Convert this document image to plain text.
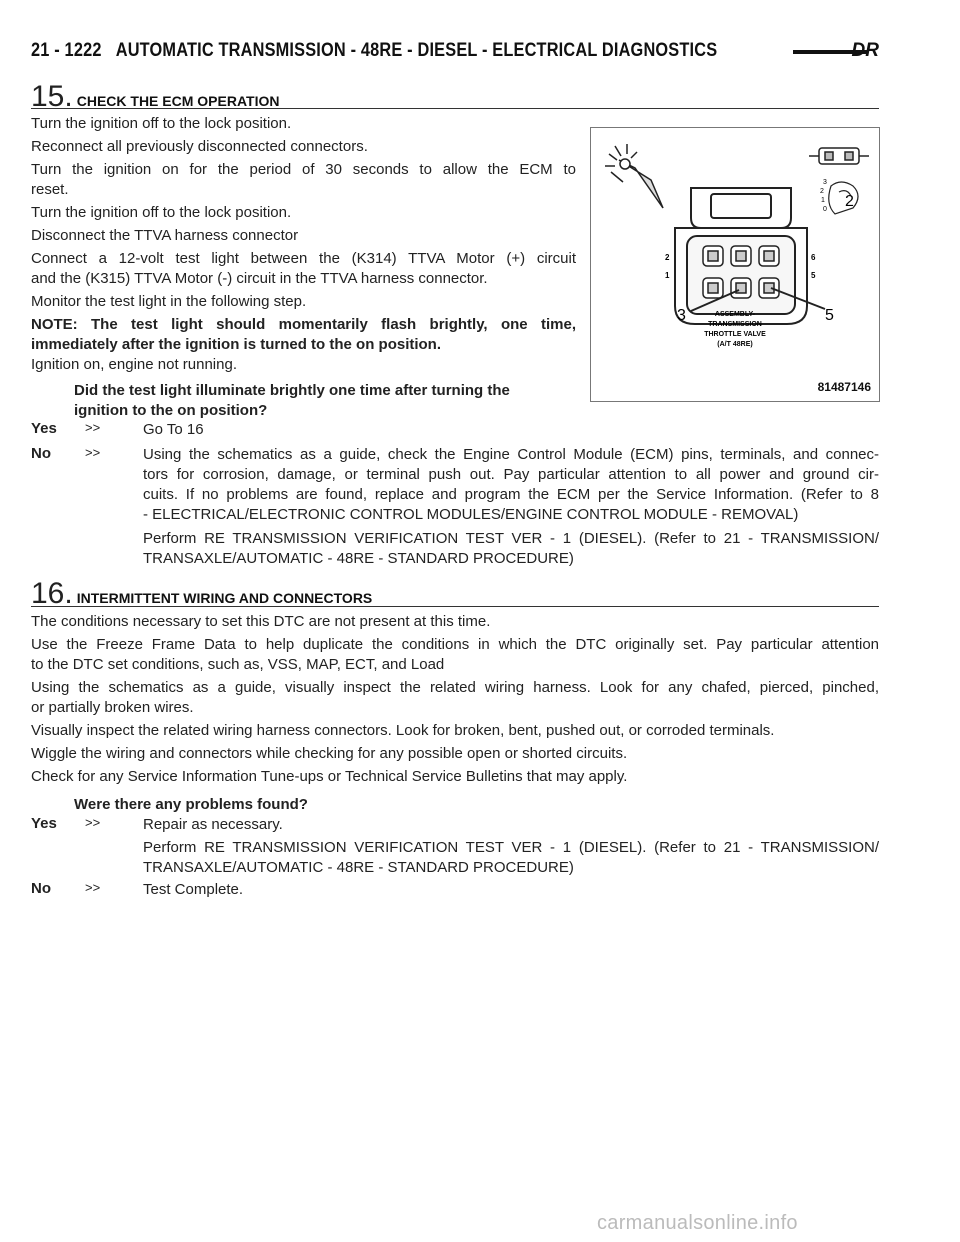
21 - 1222 AUTOMATIC TRANSMISSION - 48RE - DIESEL - ELECTRICAL DIAGNOSTICS	DR
15. CHECK THE ECM OPERATION

Turn the ignition off to the lock position.

Reconnect all previously disconnected connectors.

Turn the ignition on for the period of 30 seconds to allow the ECM to

reset.

Turn the ignition off to the lock position.

Disconnect the TTVA harness connector

Connect a 12-volt test light between the (K314) TTVA Motor (+) circuit

and the (K315) TTVA Motor (-) circuit in the TTVA harness connector.

Monitor the test light in the following step.

NOTE: The test light should momentarily flash brightly, one time,

immediately after the ignition is turned to the on position.

Ignition on, engine not running.

Did the test light illuminate brightly one time after turning the

ignition to the on position?

3
2
1
0 2
2
1
6
5
3	5
ASSEMBLY-
TRANSMISSION
THROTTLE VALVE
(A/T 48RE)
81487146
Yes >>	Go To 16
No	>>	Using the schematics as a guide, check the Engine Control Module (ECM) pins, terminals, and connec-
tors for corrosion, damage, or terminal push out. Pay particular attention to all power and ground cir-
cuits. If no problems are found, replace and program the ECM per the Service Information. (Refer to 8
- ELECTRICAL/ELECTRONIC CONTROL MODULES/ENGINE CONTROL MODULE - REMOVAL)
Perform RE TRANSMISSION VERIFICATION TEST VER - 1 (DIESEL). (Refer to 21 - TRANSMISSION/
TRANSAXLE/AUTOMATIC - 48RE - STANDARD PROCEDURE)
16. INTERMITTENT WIRING AND CONNECTORS

The conditions necessary to set this DTC are not present at this time.

Use the Freeze Frame Data to help duplicate the conditions in which the DTC originally set. Pay particular attention

to the DTC set conditions, such as, VSS, MAP, ECT, and Load

Using the schematics as a guide, visually inspect the related wiring harness. Look for any chafed, pierced, pinched,

or partially broken wires.

Visually inspect the related wiring harness connectors. Look for broken, bent, pushed out, or corroded terminals.

Wiggle the wiring and connectors while checking for any possible open or shorted circuits.

Check for any Service Information Tune-ups or Technical Service Bulletins that may apply.

Were there any problems found?

Yes >>	Repair as necessary.
Perform RE TRANSMISSION VERIFICATION TEST VER - 1 (DIESEL). (Refer to 21 - TRANSMISSION/
TRANSAXLE/AUTOMATIC - 48RE - STANDARD PROCEDURE)
No	>>	Test Complete.
carmanualsonline.info
